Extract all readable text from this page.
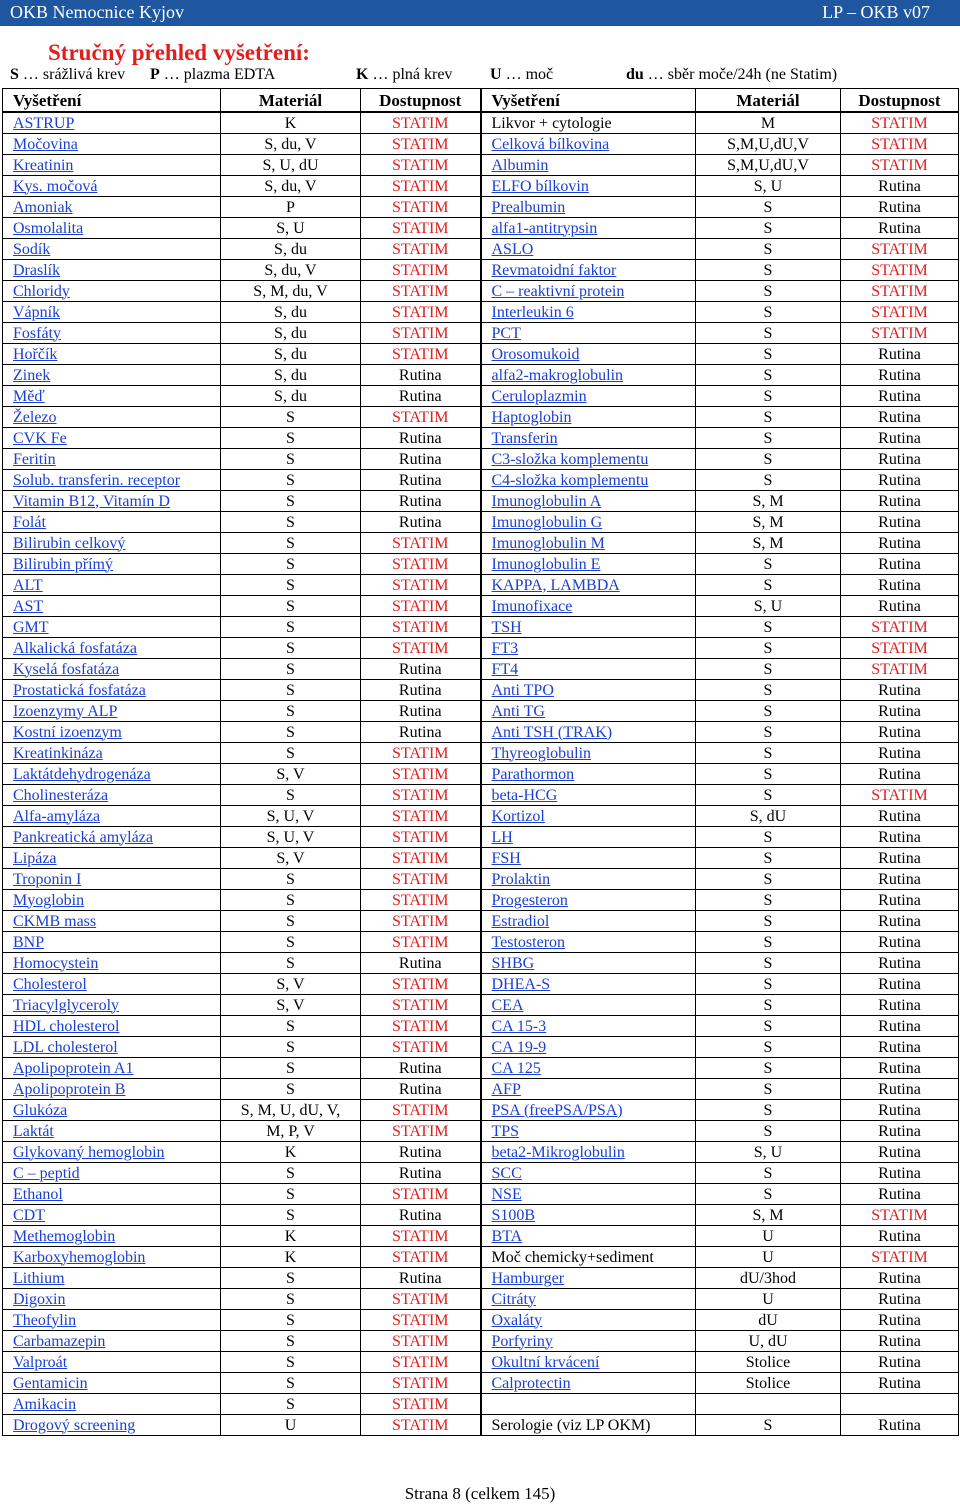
OKB Nemocnice Kyjov	LP – OKB v07
Stručný přehled vyšetření:
S … srážlivá krev P … plazma EDTA	K … plná krev U … moč	du … sběr moče/24h (ne Statim)
Vyšetření	Materiál	Dostupnost	Vyšetření	Materiál	Dostupnost
ASTRUP	K	STATIM	Likvor + cytologie	M	STATIM
Močovina	S, du, V	STATIM	Celková bílkovina	S,M,U,dU,V	STATIM
Kreatinin	S, U, dU	STATIM	Albumin	S,M,U,dU,V	STATIM
Kys. močová	S, du, V	STATIM	ELFO bílkovin	S, U	Rutina
Amoniak	P	STATIM	Prealbumin	S	Rutina
Osmolalita	S, U	STATIM	alfa1-antitrypsin	S	Rutina
Sodík	S, du	STATIM	ASLO	S	STATIM
Draslík	S, du, V	STATIM	Revmatoidní faktor	S	STATIM
Chloridy	S, M, du, V	STATIM	C – reaktivní protein	S	STATIM
Vápník	S, du	STATIM	Interleukin 6	S	STATIM
Fosfáty	S, du	STATIM	PCT	S	STATIM
Hořčík	S, du	STATIM	Orosomukoid	S	Rutina
Zinek	S, du	Rutina	alfa2-makroglobulin	S	Rutina
Měď	S, du	Rutina	Ceruloplazmin	S	Rutina
Železo	S	STATIM	Haptoglobin	S	Rutina
CVK Fe	S	Rutina	Transferin	S	Rutina
Feritin	S	Rutina	C3-složka komplementu	S	Rutina
Solub. transferin. receptor	S	Rutina	C4-složka komplementu	S	Rutina
Vitamin B12, Vitamín D	S	Rutina	Imunoglobulin A	S, M	Rutina
Folát	S	Rutina	Imunoglobulin G	S, M	Rutina
Bilirubin celkový	S	STATIM	Imunoglobulin M	S, M	Rutina
Bilirubin přímý	S	STATIM	Imunoglobulin E	S	Rutina
ALT	S	STATIM	KAPPA, LAMBDA	S	Rutina
AST	S	STATIM	Imunofixace	S, U	Rutina
GMT	S	STATIM	TSH	S	STATIM
Alkalická fosfatáza	S	STATIM	FT3	S	STATIM
Kyselá fosfatáza	S	Rutina	FT4	S	STATIM
Prostatická fosfatáza	S	Rutina	Anti TPO	S	Rutina
Izoenzymy ALP	S	Rutina	Anti TG	S	Rutina
Kostní izoenzym	S	Rutina	Anti TSH (TRAK)	S	Rutina
Kreatinkináza	S	STATIM	Thyreoglobulin	S	Rutina
Laktátdehydrogenáza	S, V	STATIM	Parathormon	S	Rutina
Cholinesteráza	S	STATIM	beta-HCG	S	STATIM
Alfa-amyláza	S, U, V	STATIM	Kortizol	S, dU	Rutina
Pankreatická amyláza	S, U, V	STATIM	LH	S	Rutina
Lipáza	S, V	STATIM	FSH	S	Rutina
Troponin I	S	STATIM	Prolaktin	S	Rutina
Myoglobin	S	STATIM	Progesteron	S	Rutina
CKMB mass	S	STATIM	Estradiol	S	Rutina
BNP	S	STATIM	Testosteron	S	Rutina
Homocystein	S	Rutina	SHBG	S	Rutina
Cholesterol	S, V	STATIM	DHEA-S	S	Rutina
Triacylglyceroly	S, V	STATIM	CEA	S	Rutina
HDL cholesterol	S	STATIM	CA 15-3	S	Rutina
LDL cholesterol	S	STATIM	CA 19-9	S	Rutina
Apolipoprotein A1	S	Rutina	CA 125	S	Rutina
Apolipoprotein B	S	Rutina	AFP	S	Rutina
Glukóza	S, M, U, dU, V,	STATIM	PSA (freePSA/PSA)	S	Rutina
Laktát	M, P, V	STATIM	TPS	S	Rutina
Glykovaný hemoglobin	K	Rutina	beta2-Mikroglobulin	S, U	Rutina
C – peptid	S	Rutina	SCC	S	Rutina
Ethanol	S	STATIM	NSE	S	Rutina
CDT	S	Rutina	S100B	S, M	STATIM
Methemoglobin	K	STATIM	BTA	U	Rutina
Karboxyhemoglobin	K	STATIM	Moč chemicky+sediment	U	STATIM
Lithium	S	Rutina	Hamburger	dU/3hod	Rutina
Digoxin	S	STATIM	Citráty	U	Rutina
Theofylin	S	STATIM	Oxaláty	dU	Rutina
Carbamazepin	S	STATIM	Porfyriny	U, dU	Rutina
Valproát	S	STATIM	Okultní krvácení	Stolice	Rutina
Gentamicin	S	STATIM	Calprotectin	Stolice	Rutina
Amikacin	S	STATIM			
Drogový screening	U	STATIM	Serologie (viz LP OKM)	S	Rutina
Strana 8 (celkem 145)
